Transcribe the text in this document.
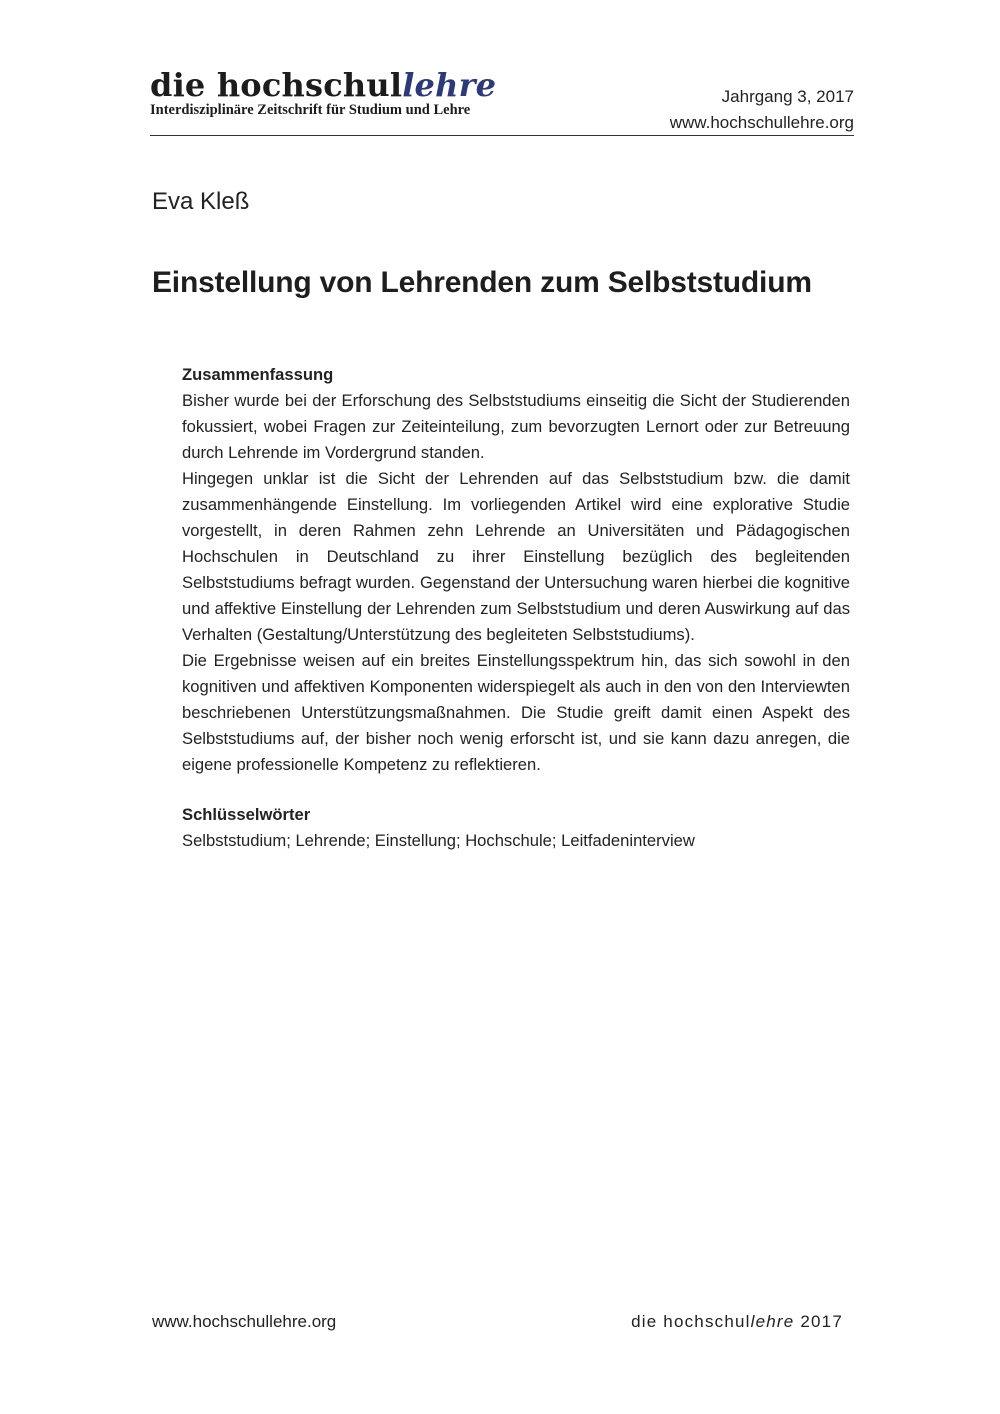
die hochschullehre
Interdisziplinäre Zeitschrift für Studium und Lehre
Jahrgang 3, 2017
www.hochschullehre.org
Eva Kleß
Einstellung von Lehrenden zum Selbststudium
Zusammenfassung

Bisher wurde bei der Erforschung des Selbststudiums einseitig die Sicht der Studierenden fokussiert, wobei Fragen zur Zeiteinteilung, zum bevorzugten Lernort oder zur Betreuung durch Lehrende im Vordergrund standen.

Hingegen unklar ist die Sicht der Lehrenden auf das Selbststudium bzw. die damit zusammenhängende Einstellung. Im vorliegenden Artikel wird eine explorative Studie vorgestellt, in deren Rahmen zehn Lehrende an Universitäten und Pädagogischen Hochschulen in Deutschland zu ihrer Einstellung bezüglich des begleitenden Selbststudiums befragt wurden. Gegenstand der Untersuchung waren hierbei die kognitive und affektive Einstellung der Lehrenden zum Selbststudium und deren Auswirkung auf das Verhalten (Gestaltung/Unterstützung des begleiteten Selbststudiums).

Die Ergebnisse weisen auf ein breites Einstellungsspektrum hin, das sich sowohl in den kognitiven und affektiven Komponenten widerspiegelt als auch in den von den Interviewten beschriebenen Unterstützungsmaßnahmen. Die Studie greift damit einen Aspekt des Selbststudiums auf, der bisher noch wenig erforscht ist, und sie kann dazu anregen, die eigene professionelle Kompetenz zu reflektieren.

Schlüsselwörter

Selbststudium; Lehrende; Einstellung; Hochschule; Leitfadeninterview

www.hochschullehre.org	die hochschullehre 2017
